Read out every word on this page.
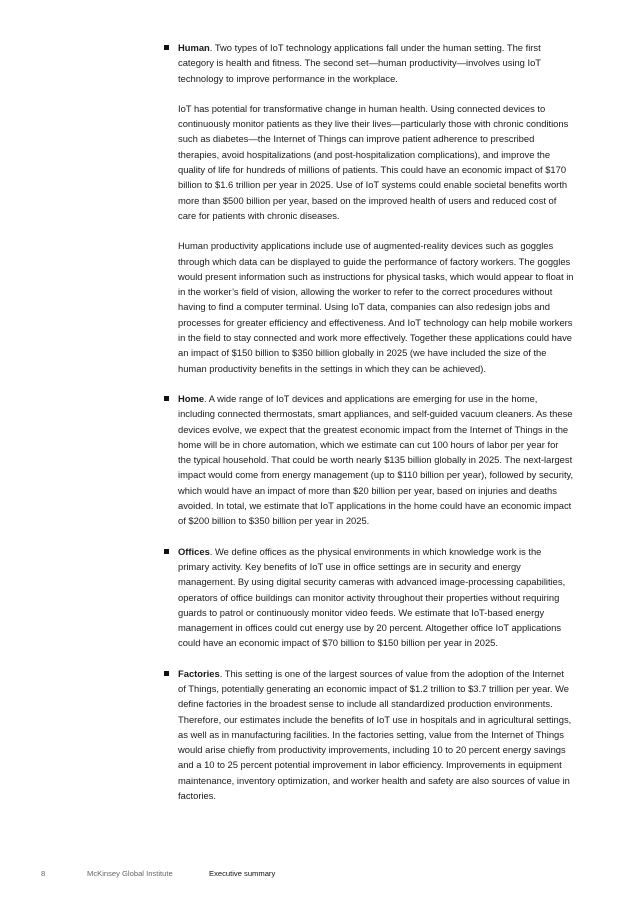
Human. Two types of IoT technology applications fall under the human setting. The first category is health and fitness. The second set—human productivity—involves using IoT technology to improve performance in the workplace.

IoT has potential for transformative change in human health. Using connected devices to continuously monitor patients as they live their lives—particularly those with chronic conditions such as diabetes—the Internet of Things can improve patient adherence to prescribed therapies, avoid hospitalizations (and post-hospitalization complications), and improve the quality of life for hundreds of millions of patients. This could have an economic impact of $170 billion to $1.6 trillion per year in 2025. Use of IoT systems could enable societal benefits worth more than $500 billion per year, based on the improved health of users and reduced cost of care for patients with chronic diseases.

Human productivity applications include use of augmented-reality devices such as goggles through which data can be displayed to guide the performance of factory workers. The goggles would present information such as instructions for physical tasks, which would appear to float in in the worker’s field of vision, allowing the worker to refer to the correct procedures without having to find a computer terminal. Using IoT data, companies can also redesign jobs and processes for greater efficiency and effectiveness. And IoT technology can help mobile workers in the field to stay connected and work more effectively. Together these applications could have an impact of $150 billion to $350 billion globally in 2025 (we have included the size of the human productivity benefits in the settings in which they can be achieved).

Home. A wide range of IoT devices and applications are emerging for use in the home, including connected thermostats, smart appliances, and self-guided vacuum cleaners. As these devices evolve, we expect that the greatest economic impact from the Internet of Things in the home will be in chore automation, which we estimate can cut 100 hours of labor per year for the typical household. That could be worth nearly $135 billion globally in 2025. The next-largest impact would come from energy management (up to $110 billion per year), followed by security, which would have an impact of more than $20 billion per year, based on injuries and deaths avoided. In total, we estimate that IoT applications in the home could have an economic impact of $200 billion to $350 billion per year in 2025.

Offices. We define offices as the physical environments in which knowledge work is the primary activity. Key benefits of IoT use in office settings are in security and energy management. By using digital security cameras with advanced image-processing capabilities, operators of office buildings can monitor activity throughout their properties without requiring guards to patrol or continuously monitor video feeds. We estimate that IoT-based energy management in offices could cut energy use by 20 percent. Altogether office IoT applications could have an economic impact of $70 billion to $150 billion per year in 2025.

Factories. This setting is one of the largest sources of value from the adoption of the Internet of Things, potentially generating an economic impact of $1.2 trillion to $3.7 trillion per year. We define factories in the broadest sense to include all standardized production environments. Therefore, our estimates include the benefits of IoT use in hospitals and in agricultural settings, as well as in manufacturing facilities. In the factories setting, value from the Internet of Things would arise chiefly from productivity improvements, including 10 to 20 percent energy savings and a 10 to 25 percent potential improvement in labor efficiency. Improvements in equipment maintenance, inventory optimization, and worker health and safety are also sources of value in factories.

8	McKinsey Global Institute	Executive summary
